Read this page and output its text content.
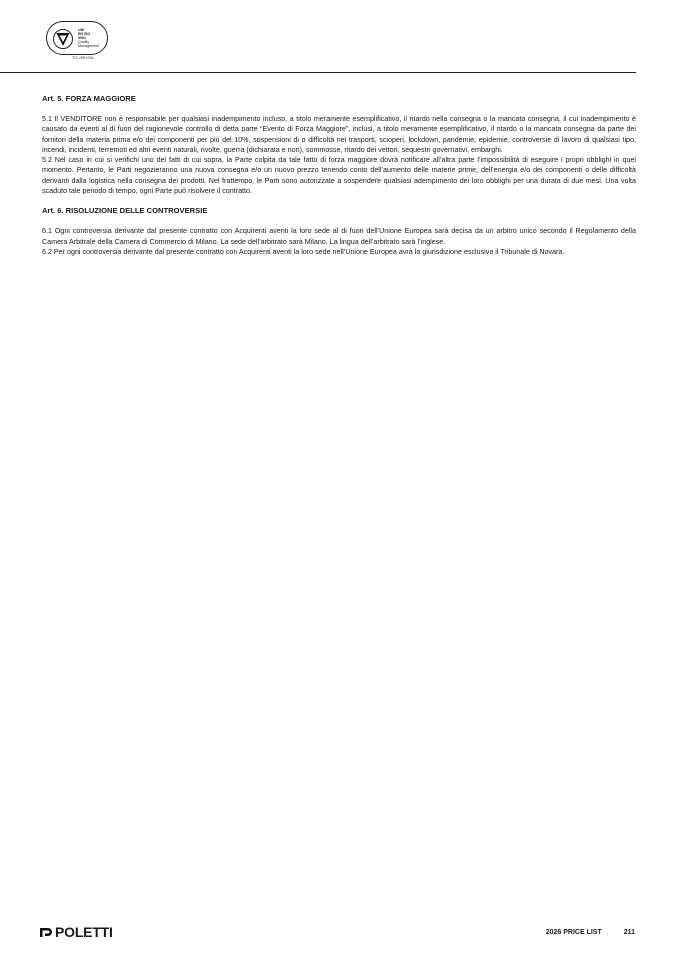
UNI
EN ISO
9001
Quality
Management
TIS 25EX001
Art. 5. FORZA MAGGIORE

5.1 Il VENDITORE non è responsabile per qualsiasi inadempimento incluso, a titolo meramente esemplificativo, il ritardo nella consegna o la mancata consegna, il cui inadempimento è causato da eventi al di fuori del ragionevole controllo di detta parte “Evento di Forza Maggiore”, inclusi, a titolo meramente esemplificativo, il ritardo o la mancata consegna da parte dei fornitori della materia prima e/o dei componenti per più del 10%, sospensioni di o difficoltà nei trasporti, scioperi, lockdown, pandemie, epidemie, controversie di lavoro di qualsiasi tipo, incendi, incidenti, terremoti ed altri eventi naturali, rivolte, guerra (dichiarata e non), sommosse, ritardo dei vettori, sequestri governativi, embarghi.

5.2 Nel caso in cui si verifichi uno dei fatti di cui sopra, la Parte colpita da tale fatto di forza maggiore dovrà notificare all’altra parte l’impossibilità di eseguire i propri obblighi in quel momento. Pertanto, le Parti negozieranno una nuova consegna e/o un nuovo prezzo tenendo conto dell’aumento delle materie prime, dell’energia e/o dei componenti o delle difficoltà derivanti dalla logistica nella consegna dei prodotti. Nel frattempo, le Parti sono autorizzate a sospendere qualsiasi adempimento dei loro obblighi per una durata di due mesi. Una volta scaduto tale periodo di tempo, ogni Parte può risolvere il contratto.

Art. 6. RISOLUZIONE DELLE CONTROVERSIE

6.1 Ogni controversia derivante dal presente contratto con Acquirenti aventi la loro sede al di fuori dell’Unione Europea sarà decisa da un arbitro unico secondo il Regolamento della Camera Arbitrale della Camera di Commercio di Milano. La sede dell’arbitrato sarà Milano. La lingua dell’arbitrato sarà l’inglese.

6.2 Per ogni controversia derivante dal presente contratto con Acquirenti aventi la loro sede nell’Unione Europea avrà la giurisdizione esclusiva il Tribunale di Novara.

POLETTI	2026 PRICE LIST	211
